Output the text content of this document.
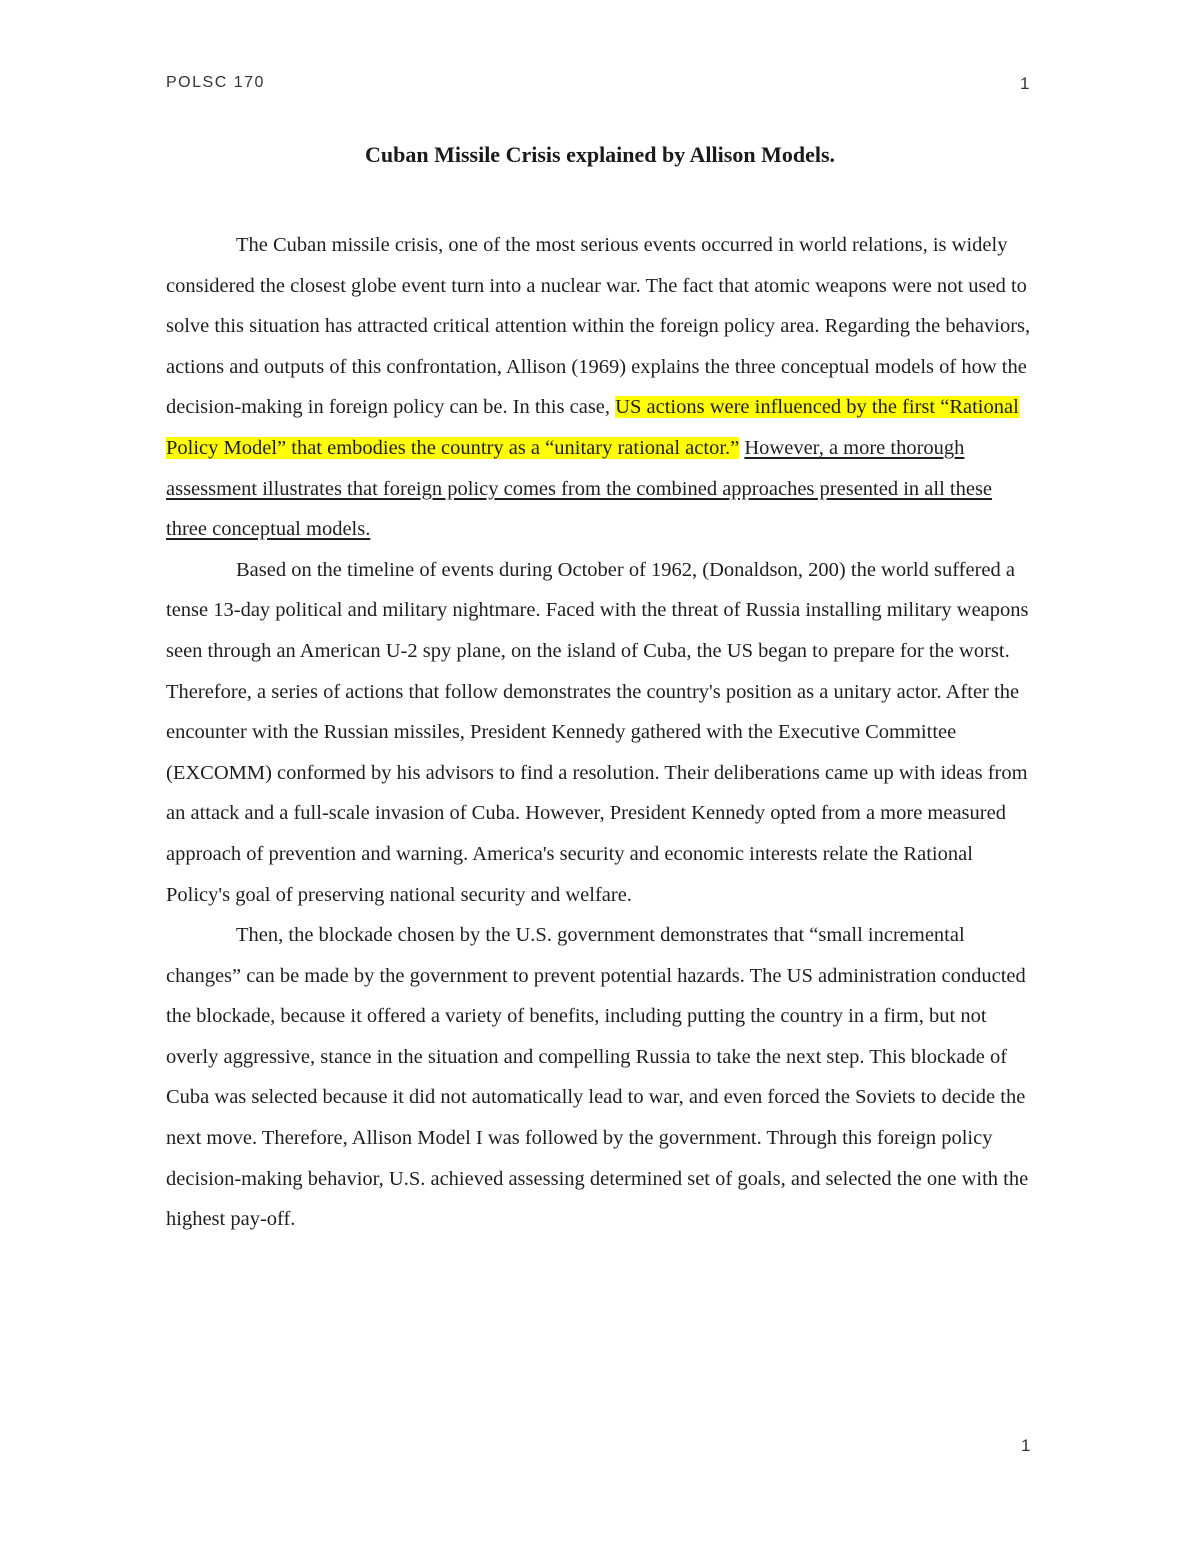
POLSC 170	1
Cuban Missile Crisis explained by Allison Models.

The Cuban missile crisis, one of the most serious events occurred in world relations, is widely considered the closest globe event turn into a nuclear war. The fact that atomic weapons were not used to solve this situation has attracted critical attention within the foreign policy area. Regarding the behaviors, actions and outputs of this confrontation, Allison (1969) explains the three conceptual models of how the decision-making in foreign policy can be. In this case, US actions were influenced by the first “Rational Policy Model” that embodies the country as a “unitary rational actor.” However, a more thorough assessment illustrates that foreign policy comes from the combined approaches presented in all these three conceptual models.

Based on the timeline of events during October of 1962, (Donaldson, 200) the world suffered a tense 13-day political and military nightmare. Faced with the threat of Russia installing military weapons seen through an American U-2 spy plane, on the island of Cuba, the US began to prepare for the worst. Therefore, a series of actions that follow demonstrates the country's position as a unitary actor. After the encounter with the Russian missiles, President Kennedy gathered with the Executive Committee (EXCOMM) conformed by his advisors to find a resolution. Their deliberations came up with ideas from an attack and a full-scale invasion of Cuba. However, President Kennedy opted from a more measured approach of prevention and warning. America's security and economic interests relate the Rational Policy's goal of preserving national security and welfare.

Then, the blockade chosen by the U.S. government demonstrates that “small incremental changes” can be made by the government to prevent potential hazards. The US administration conducted the blockade, because it offered a variety of benefits, including putting the country in a firm, but not overly aggressive, stance in the situation and compelling Russia to take the next step. This blockade of Cuba was selected because it did not automatically lead to war, and even forced the Soviets to decide the next move. Therefore, Allison Model I was followed by the government. Through this foreign policy decision-making behavior, U.S. achieved assessing determined set of goals, and selected the one with the highest pay-off.

1
